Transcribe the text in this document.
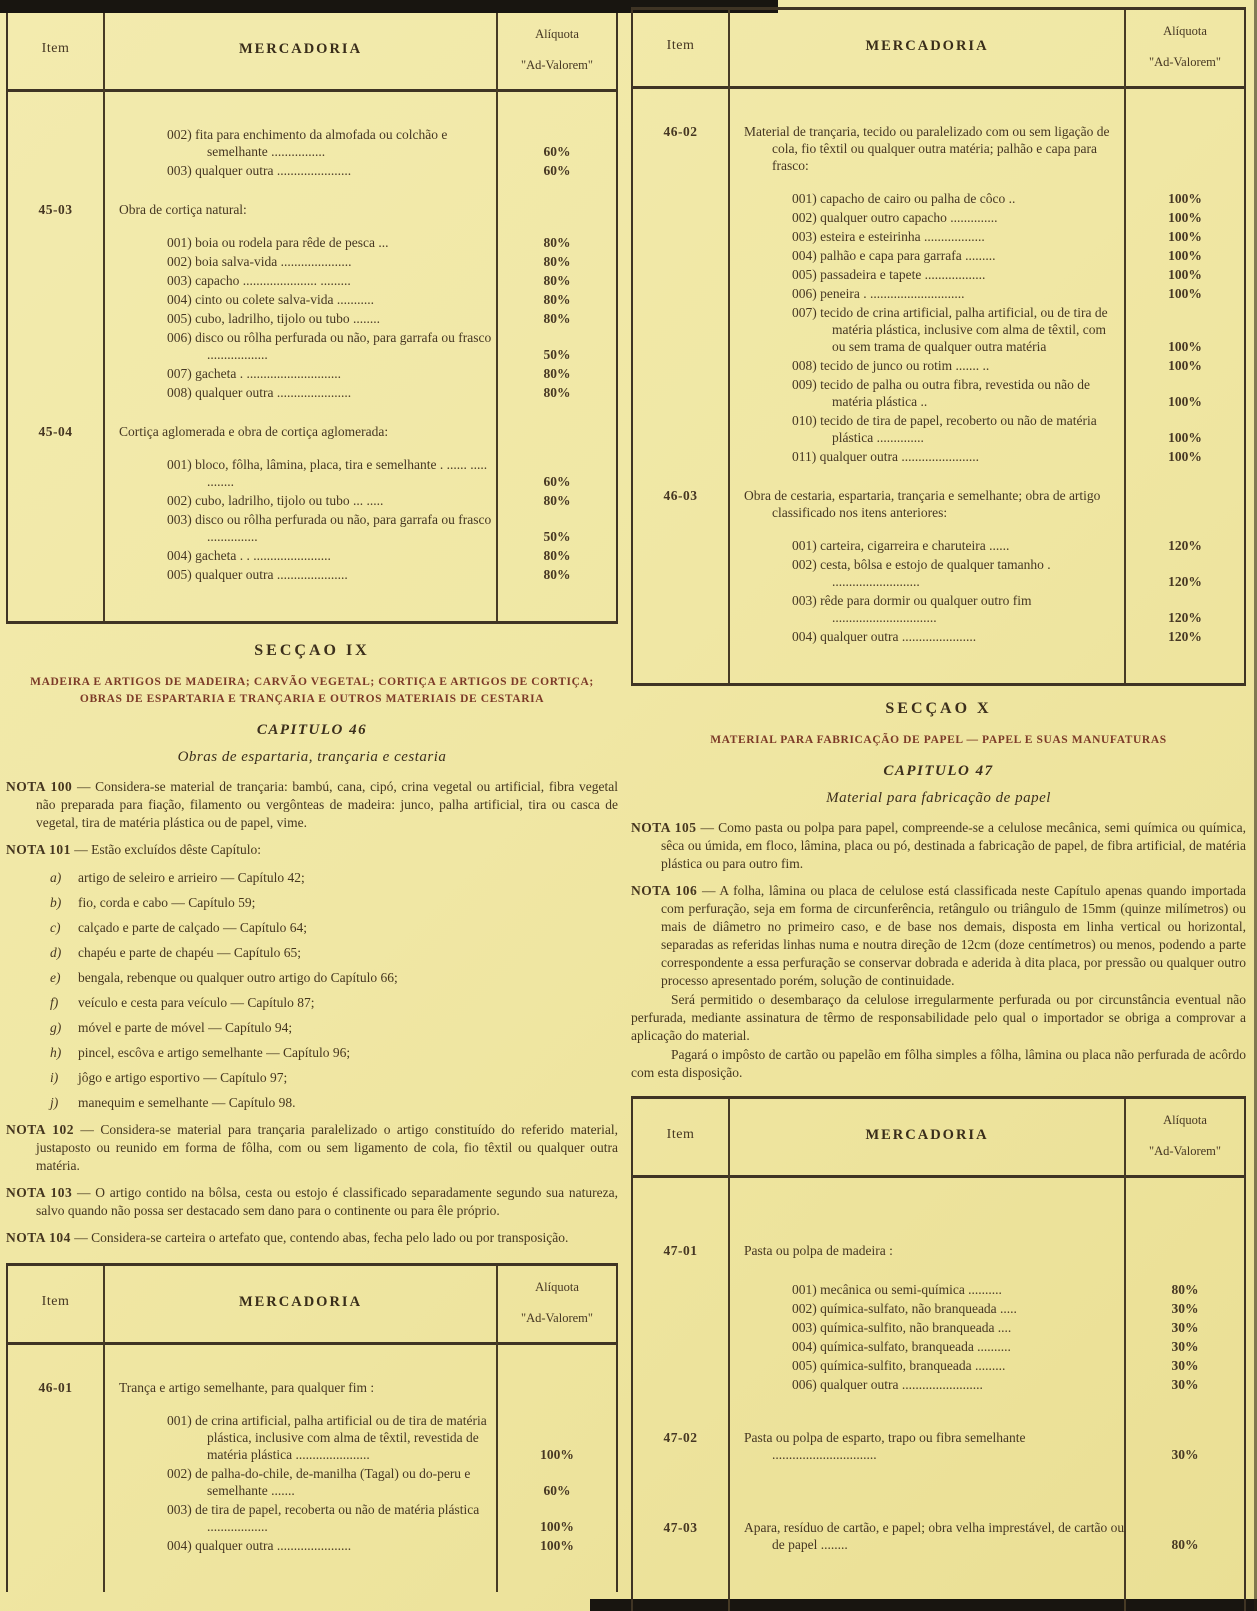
Item	MERCADORIA
Alíquota
"Ad-Valorem"
002) fita para enchimento da almofada ou colchão e semelhante ................	60%
003) qualquer outra ......................	60%
45-03	Obra de cortiça natural:
001) boia ou rodela para rêde de pesca ...	80%
002) boia salva-vida .....................	80%
003) capacho ...................... .........	80%
004) cinto ou colete salva-vida ...........	80%
005) cubo, ladrilho, tijolo ou tubo ........	80%
006) disco ou rôlha perfurada ou não, para garrafa ou frasco ..................	50%
007) gacheta . ............................	80%
008) qualquer outra ......................	80%
45-04	Cortiça aglomerada e obra de cortiça aglomerada:
001) bloco, fôlha, lâmina, placa, tira e semelhante . ...... ..... ........	60%
002) cubo, ladrilho, tijolo ou tubo ... .....	80%
003) disco ou rôlha perfurada ou não, para garrafa ou frasco ...............	50%
004) gacheta . . .......................	80%
005) qualquer outra .....................	80%
SECÇAO IX
MADEIRA E ARTIGOS DE MADEIRA; CARVÃO VEGETAL; CORTIÇA E ARTIGOS DE CORTIÇA; OBRAS DE ESPARTARIA E TRANÇARIA E OUTROS MATERIAIS DE CESTARIA
CAPITULO 46
Obras de espartaria, trançaria e cestaria
NOTA 100 — Considera-se material de trançaria: bambú, cana, cipó, crina vegetal ou artificial, fibra vegetal não preparada para fiação, filamento ou vergônteas de madeira: junco, palha artificial, tira ou casca de vegetal, tira de matéria plástica ou de papel, vime.
NOTA 101 — Estão excluídos dêste Capítulo:
a) artigo de seleiro e arrieiro — Capítulo 42;
b) fio, corda e cabo — Capítulo 59;
c) calçado e parte de calçado — Capítulo 64;
d) chapéu e parte de chapéu — Capítulo 65;
e) bengala, rebenque ou qualquer outro artigo do Capítulo 66;
f) veículo e cesta para veículo — Capítulo 87;
g) móvel e parte de móvel — Capítulo 94;
h) pincel, escôva e artigo semelhante — Capítulo 96;
i) jôgo e artigo esportivo — Capítulo 97;
j) manequim e semelhante — Capítulo 98.
NOTA 102 — Considera-se material para trançaria paralelizado o artigo constituído do referido material, justaposto ou reunido em forma de fôlha, com ou sem ligamento de cola, fio têxtil ou qualquer outra matéria.
NOTA 103 — O artigo contido na bôlsa, cesta ou estojo é classificado separadamente segundo sua natureza, salvo quando não possa ser destacado sem dano para o continente ou para êle próprio.
NOTA 104 — Considera-se carteira o artefato que, contendo abas, fecha pelo lado ou por transposição.
Item	MERCADORIA
Alíquota
"Ad-Valorem"
46-01	Trança e artigo semelhante, para qualquer fim :
001) de crina artificial, palha artificial ou de tira de matéria plástica, inclusive com alma de têxtil, revestida de matéria plástica ......................	100%
002) de palha-do-chile, de-manilha (Tagal) ou do-peru e semelhante .......	60%
003) de tira de papel, recoberta ou não de matéria plástica ..................	100%
004) qualquer outra ......................	100%
Item	MERCADORIA
Alíquota
"Ad-Valorem"
46-02	Material de trançaria, tecido ou paralelizado com ou sem ligação de cola, fio têxtil ou qualquer outra matéria; palhão e capa para frasco:
001) capacho de cairo ou palha de côco ..	100%
002) qualquer outro capacho ..............	100%
003) esteira e esteirinha ..................	100%
004) palhão e capa para garrafa .........	100%
005) passadeira e tapete ..................	100%
006) peneira . ............................	100%
007) tecido de crina artificial, palha artificial, ou de tira de matéria plástica, inclusive com alma de têxtil, com ou sem trama de qualquer outra matéria	100%
008) tecido de junco ou rotim ....... ..	100%
009) tecido de palha ou outra fibra, revestida ou não de matéria plástica ..	100%
010) tecido de tira de papel, recoberto ou não de matéria plástica ..............	100%
011) qualquer outra .......................	100%
46-03	Obra de cestaria, espartaria, trançaria e semelhante; obra de artigo classificado nos itens anteriores:
001) carteira, cigarreira e charuteira ......	120%
002) cesta, bôlsa e estojo de qualquer tamanho . ..........................	120%
003) rêde para dormir ou qualquer outro fim ...............................	120%
004) qualquer outra ......................	120%
SECÇAO X
MATERIAL PARA FABRICAÇÃO DE PAPEL — PAPEL E SUAS MANUFATURAS
CAPITULO 47
Material para fabricação de papel
NOTA 105 — Como pasta ou polpa para papel, compreende-se a celulose mecânica, semi química ou química, sêca ou úmida, em floco, lâmina, placa ou pó, destinada a fabricação de papel, de fibra artificial, de matéria plástica ou para outro fim.
NOTA 106 — A folha, lâmina ou placa de celulose está classificada neste Capítulo apenas quando importada com perfuração, seja em forma de circunferência, retângulo ou triângulo de 15mm (quinze milímetros) ou mais de diâmetro no primeiro caso, e de base nos demais, disposta em linha vertical ou horizontal, separadas as referidas linhas numa e noutra direção de 12cm (doze centímetros) ou menos, podendo a parte correspondente a essa perfuração se conservar dobrada e aderida à dita placa, por pressão ou qualquer outro processo apresentado porém, solução de continuidade.
Será permitido o desembaraço da celulose irregularmente perfurada ou por circunstância eventual não perfurada, mediante assinatura de têrmo de responsabilidade pelo qual o importador se obriga a comprovar a aplicação do material.
Pagará o impôsto de cartão ou papelão em fôlha simples a fôlha, lâmina ou placa não perfurada de acôrdo com esta disposição.
Item	MERCADORIA
Alíquota
"Ad-Valorem"
47-01	Pasta ou polpa de madeira :
001) mecânica ou semi-química ..........	80%
002) química-sulfato, não branqueada .....	30%
003) química-sulfito, não branqueada ....	30%
004) química-sulfato, branqueada ..........	30%
005) química-sulfito, branqueada .........	30%
006) qualquer outra ........................	30%
47-02	Pasta ou polpa de esparto, trapo ou fibra semelhante ...............................	30%
47-03	Apara, resíduo de cartão, e papel; obra velha imprestável, de cartão ou de papel ........	80%
